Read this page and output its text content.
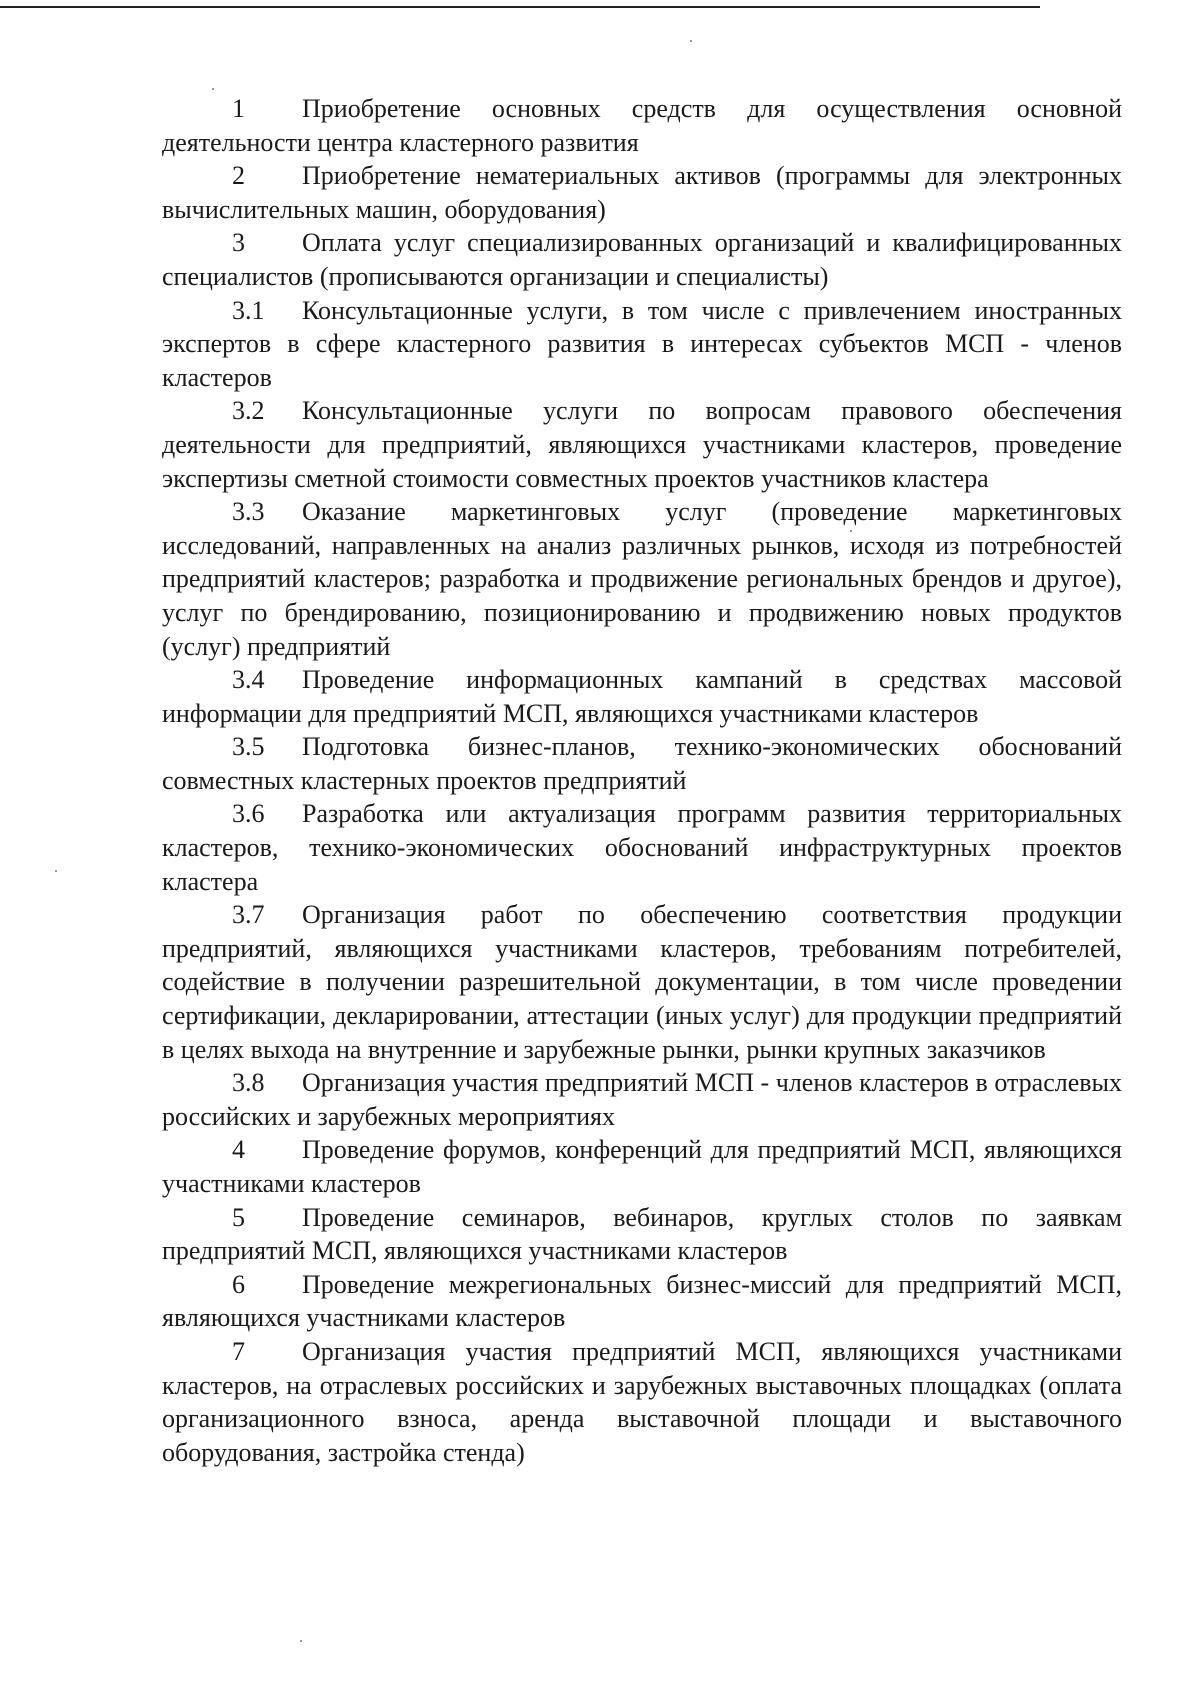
1 Приобретение основных средств для осуществления основной деятельности центра кластерного развития

2 Приобретение нематериальных активов (программы для электронных вычислительных машин, оборудования)

3 Оплата услуг специализированных организаций и квалифицированных специалистов (прописываются организации и специалисты)

3.1 Консультационные услуги, в том числе с привлечением иностранных экспертов в сфере кластерного развития в интересах субъектов МСП - членов кластеров

3.2 Консультационные услуги по вопросам правового обеспечения деятельности для предприятий, являющихся участниками кластеров, проведение экспертизы сметной стоимости совместных проектов участников кластера

3.3 Оказание маркетинговых услуг (проведение маркетинговых исследований, направленных на анализ различных рынков, исходя из потребностей предприятий кластеров; разработка и продвижение региональных брендов и другое), услуг по брендированию, позиционированию и продвижению новых продуктов (услуг) предприятий

3.4 Проведение информационных кампаний в средствах массовой информации для предприятий МСП, являющихся участниками кластеров

3.5 Подготовка бизнес-планов, технико-экономических обоснований совместных кластерных проектов предприятий

3.6 Разработка или актуализация программ развития территориальных кластеров, технико-экономических обоснований инфраструктурных проектов кластера

3.7 Организация работ по обеспечению соответствия продукции предприятий, являющихся участниками кластеров, требованиям потребителей, содействие в получении разрешительной документации, в том числе проведении сертификации, декларировании, аттестации (иных услуг) для продукции предприятий в целях выхода на внутренние и зарубежные рынки, рынки крупных заказчиков

3.8 Организация участия предприятий МСП - членов кластеров в отраслевых российских и зарубежных мероприятиях

4 Проведение форумов, конференций для предприятий МСП, являющихся участниками кластеров

5 Проведение семинаров, вебинаров, круглых столов по заявкам предприятий МСП, являющихся участниками кластеров

6 Проведение межрегиональных бизнес-миссий для предприятий МСП, являющихся участниками кластеров

7 Организация участия предприятий МСП, являющихся участниками кластеров, на отраслевых российских и зарубежных выставочных площадках (оплата организационного взноса, аренда выставочной площади и выставочного оборудования, застройка стенда)
